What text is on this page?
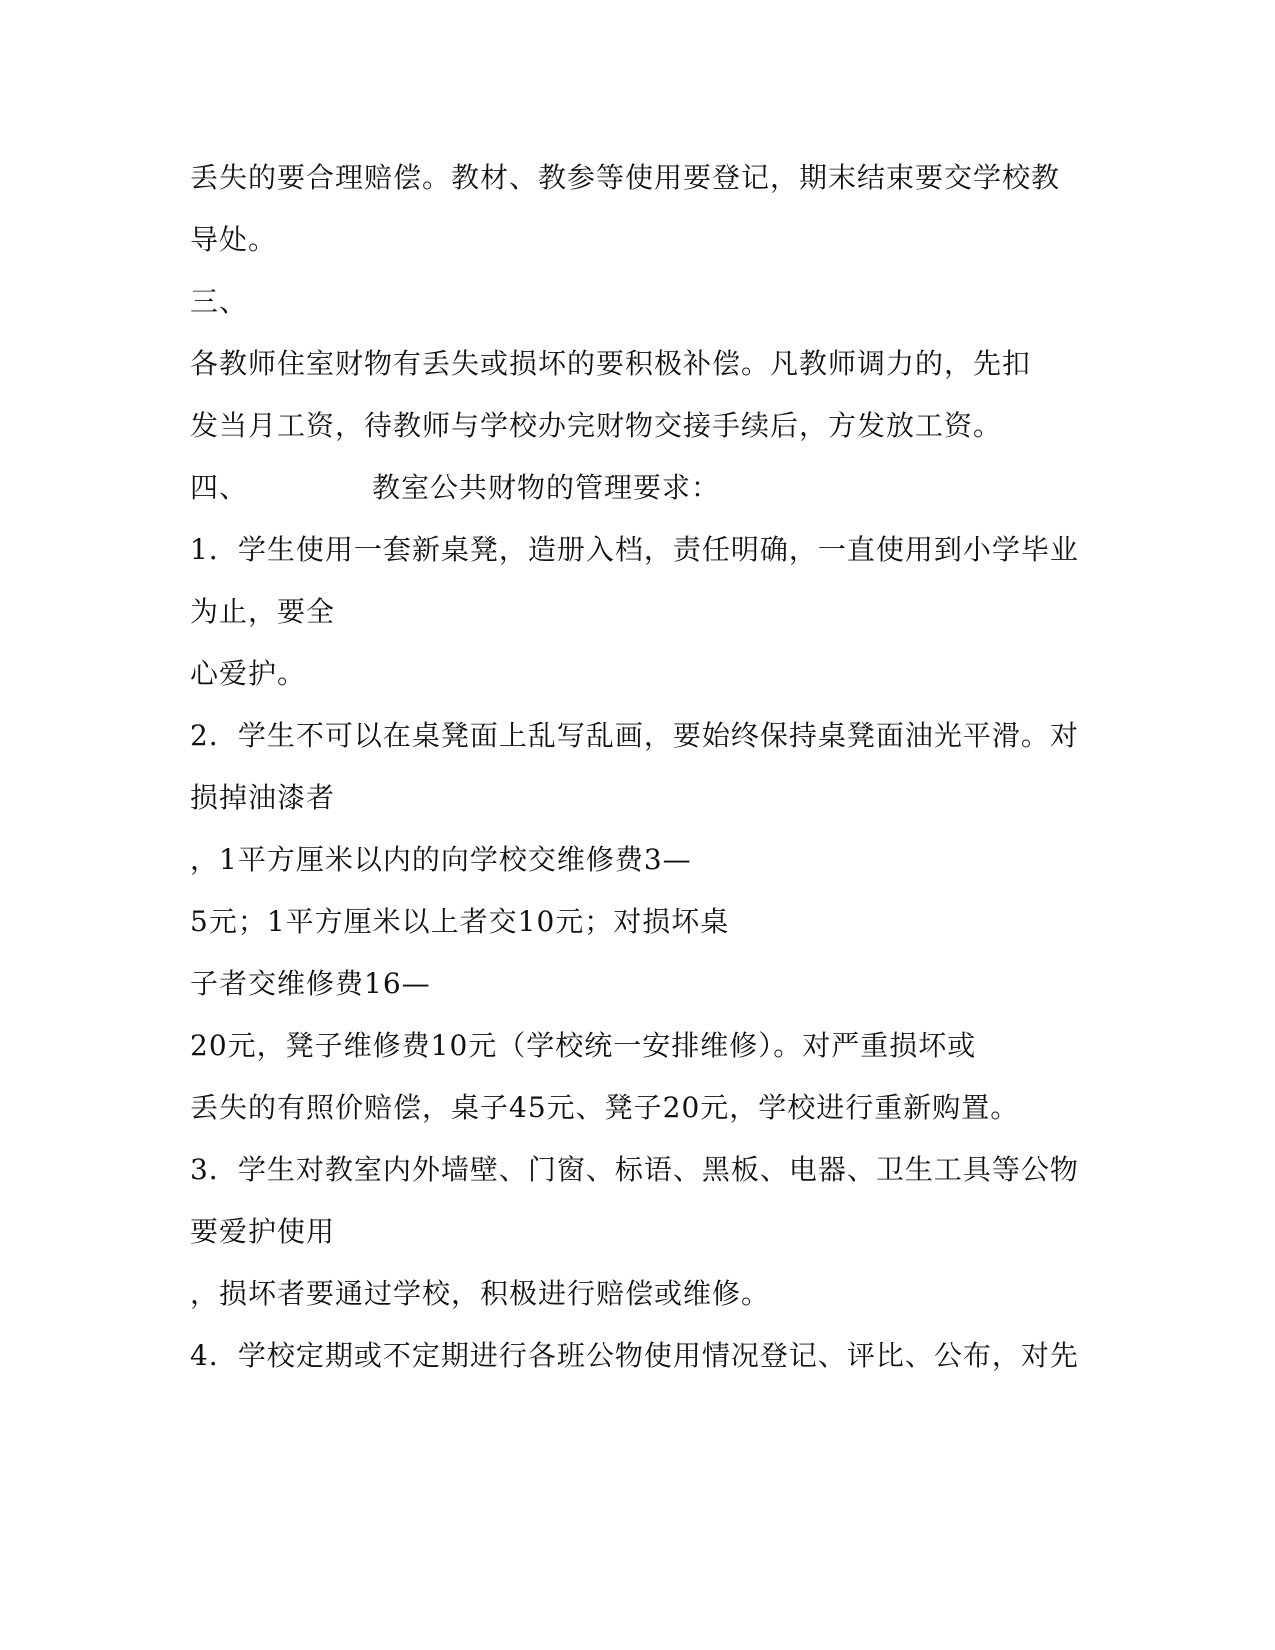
丢失的要合理赔偿。教材、教参等使用要登记，期末结束要交学校教
导处。
三、
各教师住室财物有丢失或损坏的要积极补偿。凡教师调力的，先扣
发当月工资，待教师与学校办完财物交接手续后，方发放工资。
四、	教室公共财物的管理要求：
1．学生使用一套新桌凳，造册入档，责任明确，一直使用到小学毕业
为止，要全
心爱护。
2．学生不可以在桌凳面上乱写乱画，要始终保持桌凳面油光平滑。对
损掉油漆者
，1平方厘米以内的向学校交维修费3—
5元；1平方厘米以上者交10元；对损坏桌
子者交维修费16—
20元，凳子维修费10元（学校统一安排维修）。对严重损坏或
丢失的有照价赔偿，桌子45元、凳子20元，学校进行重新购置。
3．学生对教室内外墙壁、门窗、标语、黑板、电器、卫生工具等公物
要爱护使用
，损坏者要通过学校，积极进行赔偿或维修。
4．学校定期或不定期进行各班公物使用情况登记、评比、公布，对先
